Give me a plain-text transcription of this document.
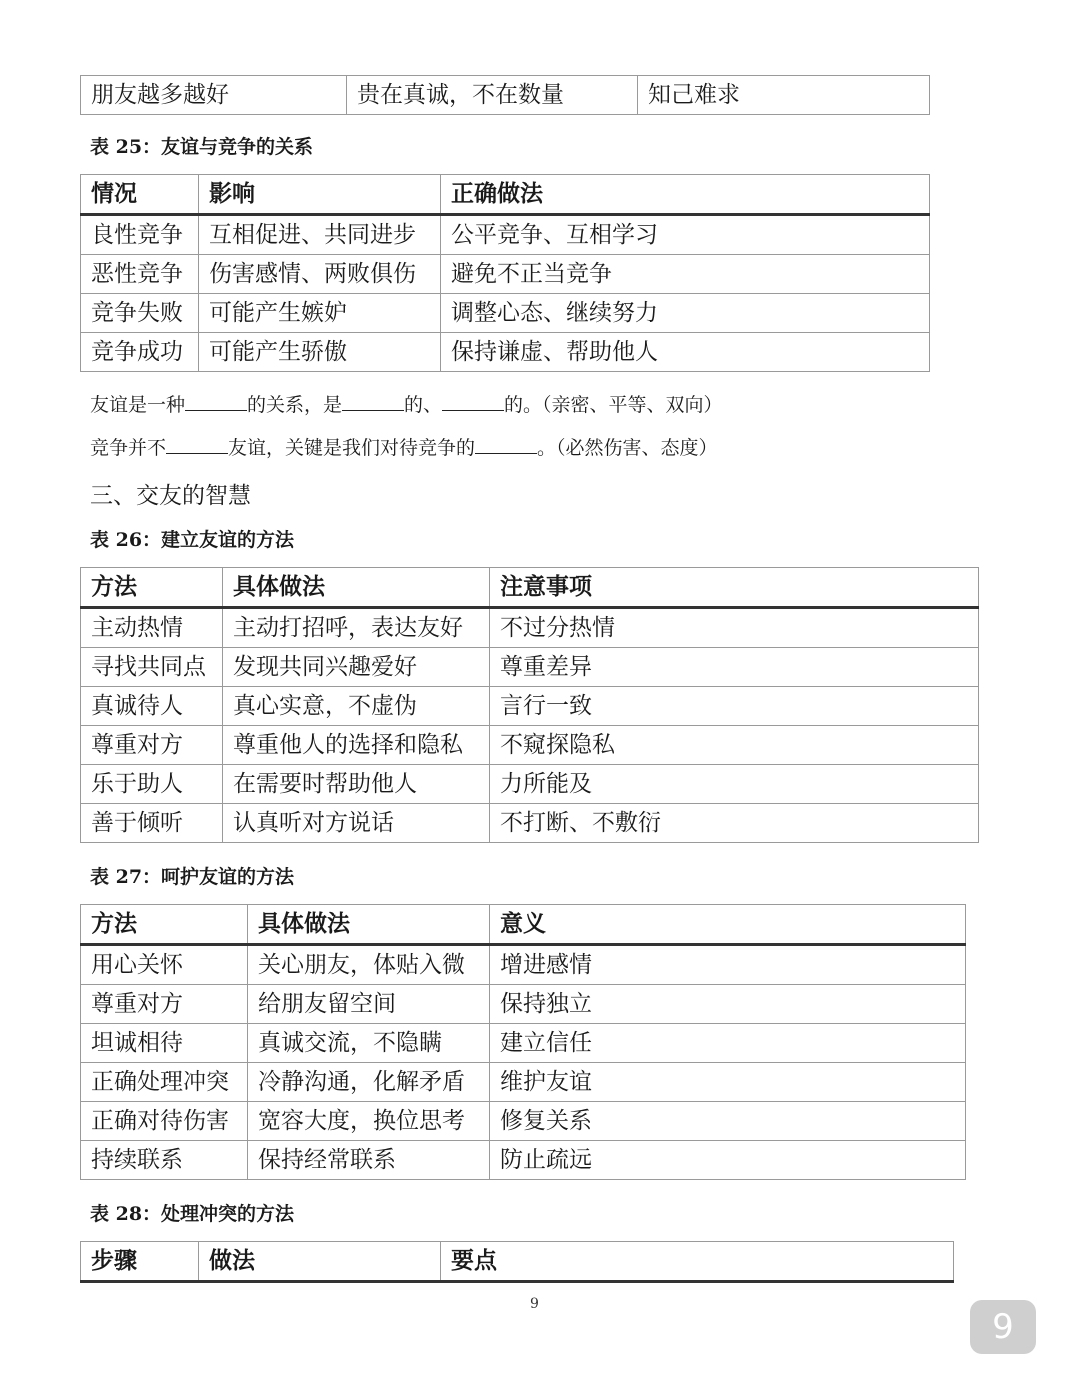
朋友越多越好	贵在真诚，不在数量	知己难求
表 25：友谊与竞争的关系
情况	影响	正确做法
良性竞争	互相促进、共同进步	公平竞争、互相学习
恶性竞争	伤害感情、两败俱伤	避免不正当竞争
竞争失败	可能产生嫉妒	调整心态、继续努力
竞争成功	可能产生骄傲	保持谦虚、帮助他人
友谊是一种	的关系，是	的、	的。（亲密、平等、双向）
竞争并不	友谊，关键是我们对待竞争的	。（必然伤害、态度）
三、交友的智慧
表 26：建立友谊的方法
方法	具体做法	注意事项
主动热情	主动打招呼，表达友好	不过分热情
寻找共同点	发现共同兴趣爱好	尊重差异
真诚待人	真心实意，不虚伪	言行一致
尊重对方	尊重他人的选择和隐私	不窥探隐私
乐于助人	在需要时帮助他人	力所能及
善于倾听	认真听对方说话	不打断、不敷衍
表 27：呵护友谊的方法
方法	具体做法	意义
用心关怀	关心朋友，体贴入微	增进感情
尊重对方	给朋友留空间	保持独立
坦诚相待	真诚交流，不隐瞒	建立信任
正确处理冲突	冷静沟通，化解矛盾	维护友谊
正确对待伤害	宽容大度，换位思考	修复关系
持续联系	保持经常联系	防止疏远
表 28：处理冲突的方法
步骤	做法	要点
9
9
